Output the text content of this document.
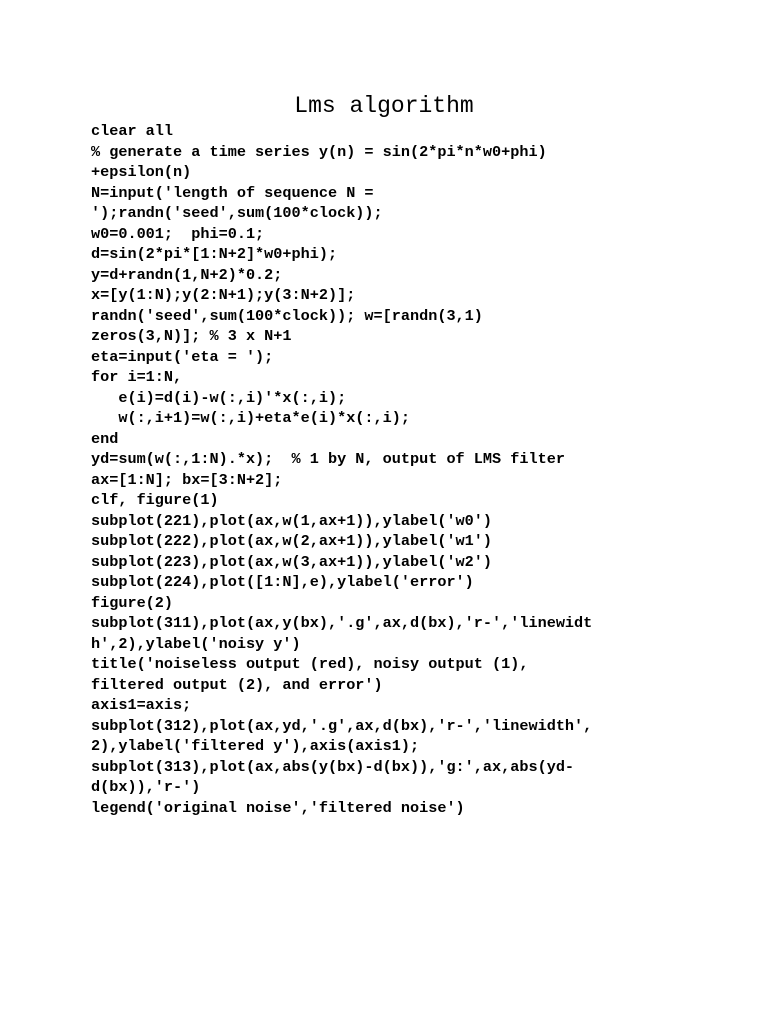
Lms algorithm
clear all
% generate a time series y(n) = sin(2*pi*n*w0+phi)
+epsilon(n)
N=input('length of sequence N =
');randn('seed',sum(100*clock));
w0=0.001;  phi=0.1;
d=sin(2*pi*[1:N+2]*w0+phi);
y=d+randn(1,N+2)*0.2;
x=[y(1:N);y(2:N+1);y(3:N+2)];
randn('seed',sum(100*clock)); w=[randn(3,1)
zeros(3,N)]; % 3 x N+1
eta=input('eta = ');
for i=1:N,
e(i)=d(i)-w(:,i)'*x(:,i);
w(:,i+1)=w(:,i)+eta*e(i)*x(:,i);
end
yd=sum(w(:,1:N).*x);  % 1 by N, output of LMS filter
ax=[1:N]; bx=[3:N+2];
clf, figure(1)
subplot(221),plot(ax,w(1,ax+1)),ylabel('w0')
subplot(222),plot(ax,w(2,ax+1)),ylabel('w1')
subplot(223),plot(ax,w(3,ax+1)),ylabel('w2')
subplot(224),plot([1:N],e),ylabel('error')
figure(2)
subplot(311),plot(ax,y(bx),'.g',ax,d(bx),'r-','linewidt
h',2),ylabel('noisy y')
title('noiseless output (red), noisy output (1),
filtered output (2), and error')
axis1=axis;
subplot(312),plot(ax,yd,'.g',ax,d(bx),'r-','linewidth',
2),ylabel('filtered y'),axis(axis1);
subplot(313),plot(ax,abs(y(bx)-d(bx)),'g:',ax,abs(yd-
d(bx)),'r-')
legend('original noise','filtered noise')
